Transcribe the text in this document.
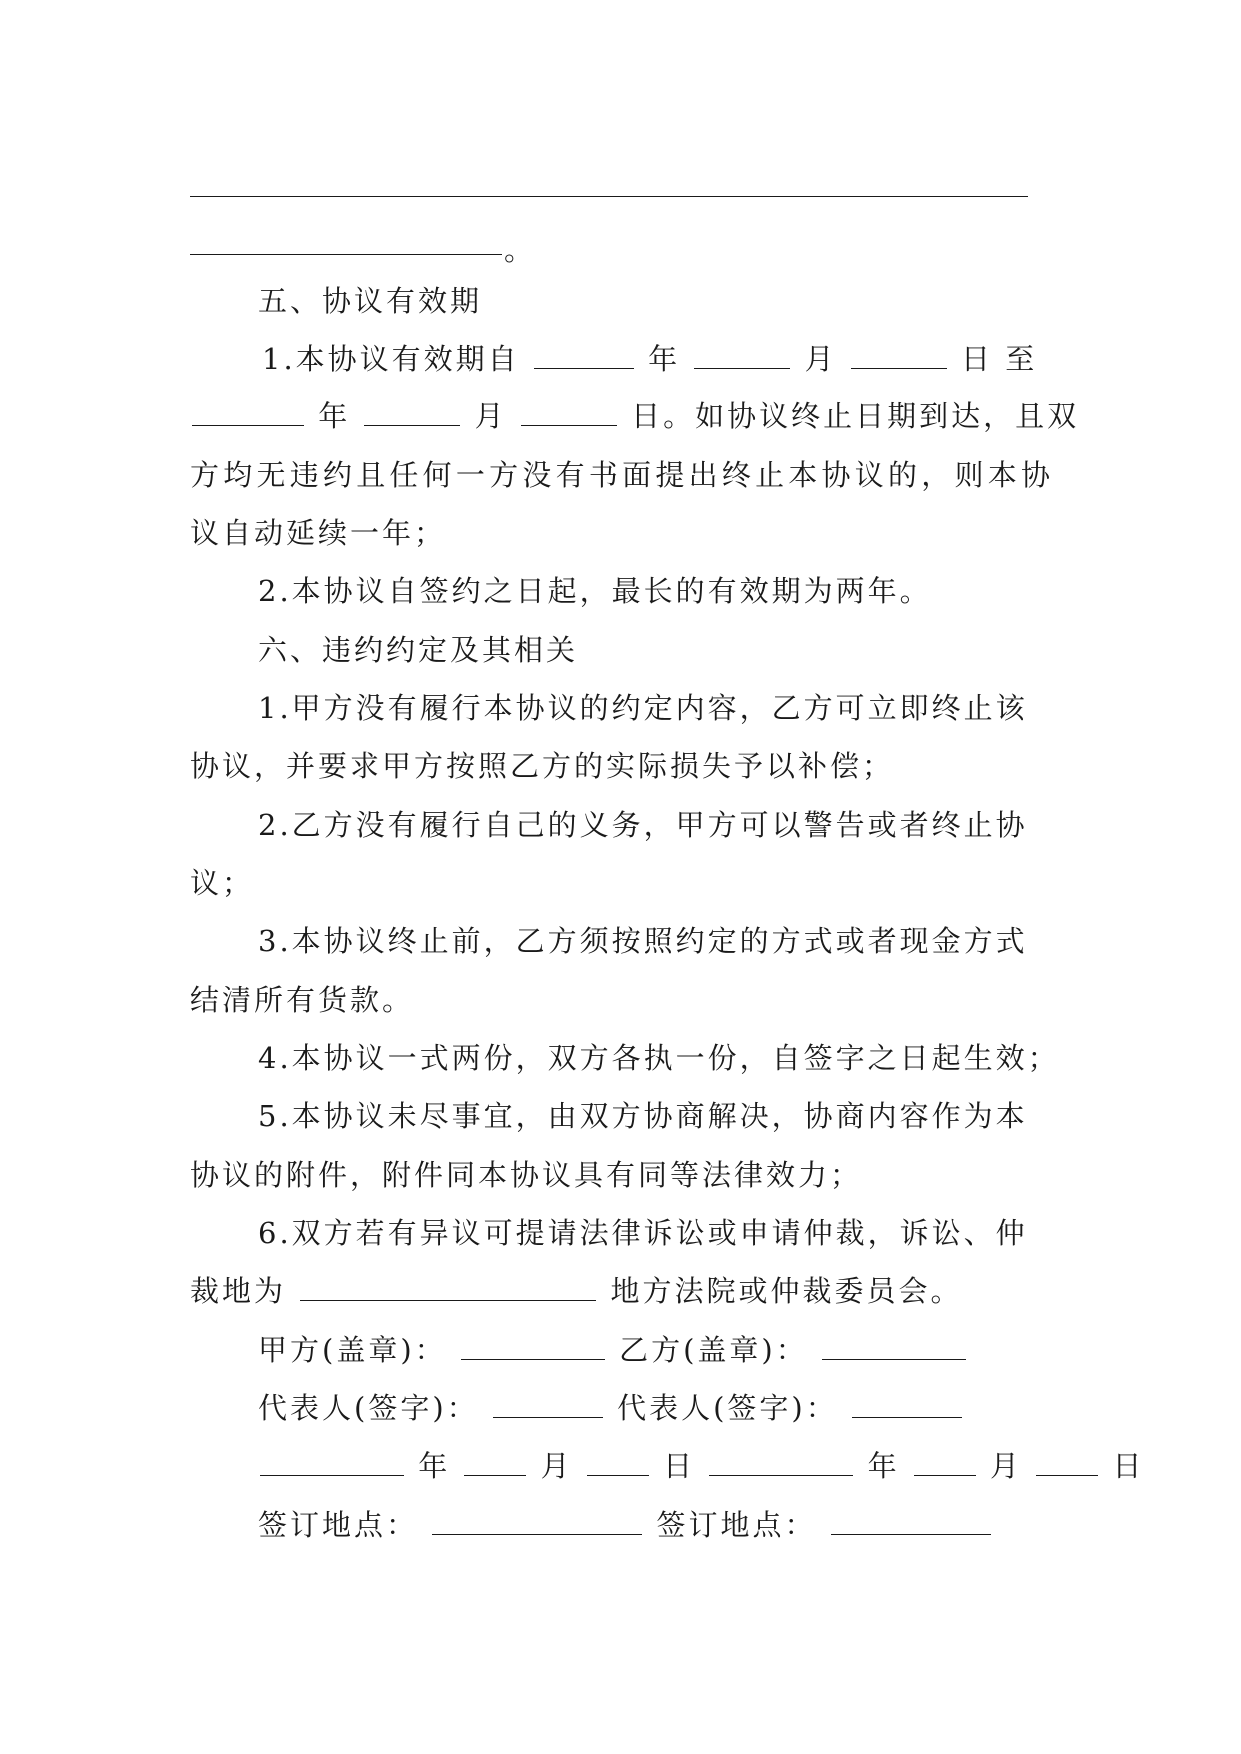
。
五、协议有效期
1.本协议有效期自	年	月	日 至
年	月	日。如协议终止日期到达，且双
方均无违约且任何一方没有书面提出终止本协议的，则本协
议自动延续一年；
2.本协议自签约之日起，最长的有效期为两年。
六、违约约定及其相关
1.甲方没有履行本协议的约定内容，乙方可立即终止该
协议，并要求甲方按照乙方的实际损失予以补偿；
2.乙方没有履行自己的义务，甲方可以警告或者终止协
议；
3.本协议终止前，乙方须按照约定的方式或者现金方式
结清所有货款。
4.本协议一式两份，双方各执一份，自签字之日起生效；
5.本协议未尽事宜，由双方协商解决，协商内容作为本
协议的附件，附件同本协议具有同等法律效力；
6.双方若有异议可提请法律诉讼或申请仲裁，诉讼、仲
裁地为	地方法院或仲裁委员会。
甲方(盖章)：	乙方(盖章)：
代表人(签字)：	代表人(签字)：
年	月	日	年	月	日
签订地点：	签订地点：
